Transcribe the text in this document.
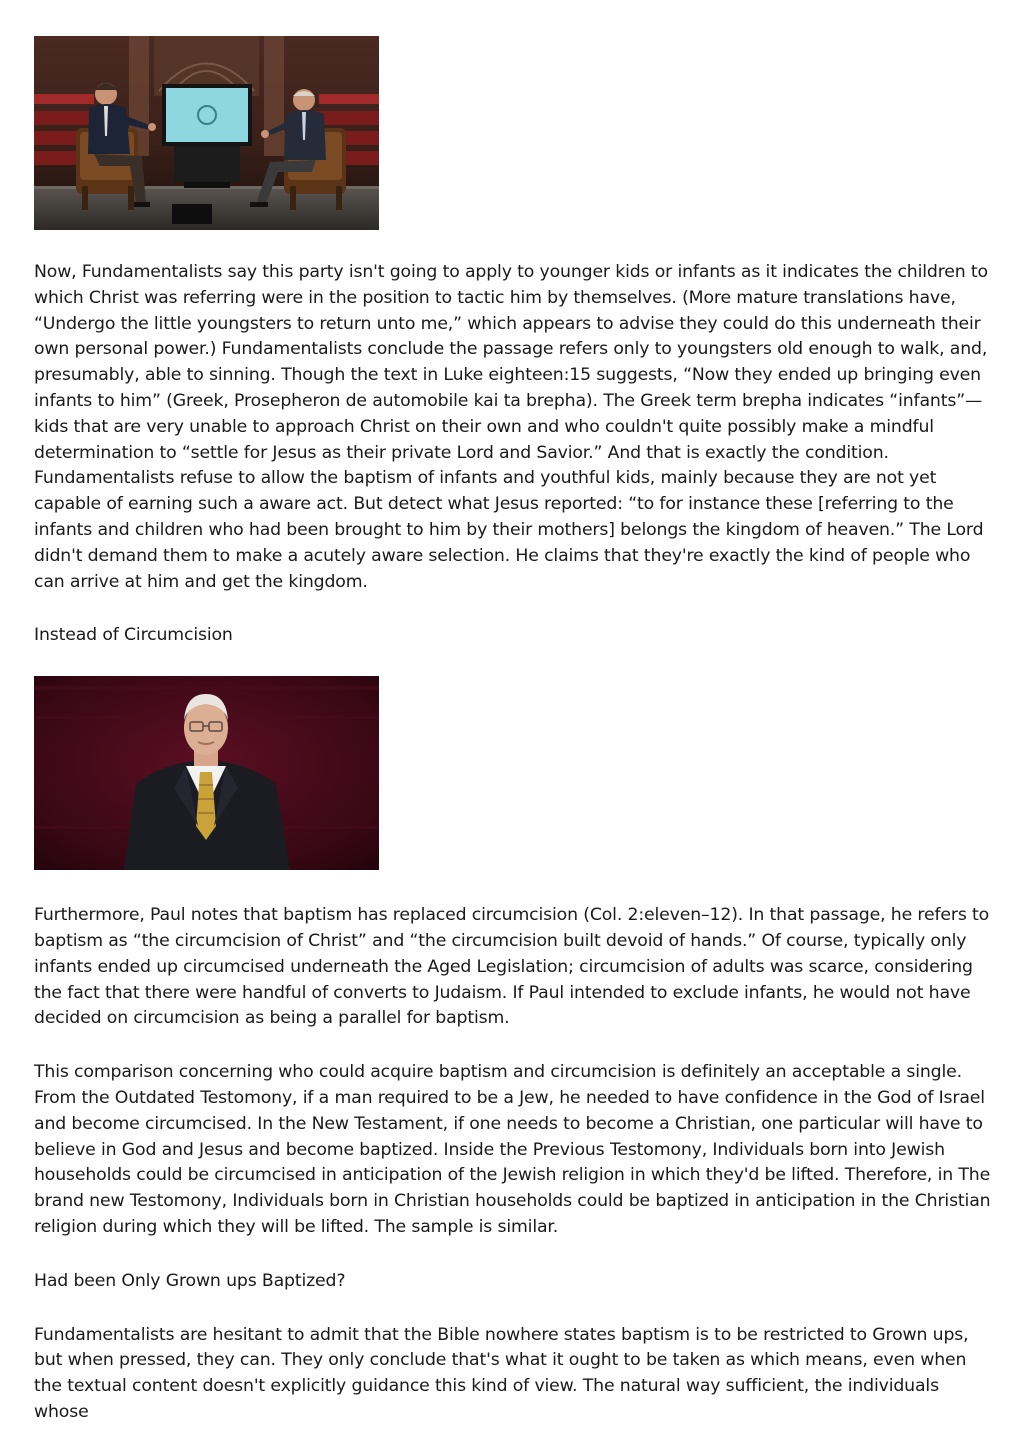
Now, Fundamentalists say this party isn't going to apply to younger kids or infants as it indicates the children to which Christ was referring were in the position to tactic him by themselves. (More mature translations have, “Undergo the little youngsters to return unto me,” which appears to advise they could do this underneath their own personal power.) Fundamentalists conclude the passage refers only to youngsters old enough to walk, and, presumably, able to sinning. Though the text in Luke eighteen:15 suggests, “Now they ended up bringing even infants to him” (Greek, Prosepheron de automobile kai ta brepha). The Greek term brepha indicates “infants”—kids that are very unable to approach Christ on their own and who couldn't quite possibly make a mindful determination to “settle for Jesus as their private Lord and Savior.” And that is exactly the condition. Fundamentalists refuse to allow the baptism of infants and youthful kids, mainly because they are not yet capable of earning such a aware act. But detect what Jesus reported: “to for instance these [referring to the infants and children who had been brought to him by their mothers] belongs the kingdom of heaven.” The Lord didn't demand them to make a acutely aware selection. He claims that they're exactly the kind of people who can arrive at him and get the kingdom.

Instead of Circumcision

Furthermore, Paul notes that baptism has replaced circumcision (Col. 2:eleven–12). In that passage, he refers to baptism as “the circumcision of Christ” and “the circumcision built devoid of hands.” Of course, typically only infants ended up circumcised underneath the Aged Legislation; circumcision of adults was scarce, considering the fact that there were handful of converts to Judaism. If Paul intended to exclude infants, he would not have decided on circumcision as being a parallel for baptism.

This comparison concerning who could acquire baptism and circumcision is definitely an acceptable a single. From the Outdated Testomony, if a man required to be a Jew, he needed to have confidence in the God of Israel and become circumcised. In the New Testament, if one needs to become a Christian, one particular will have to believe in God and Jesus and become baptized. Inside the Previous Testomony, Individuals born into Jewish households could be circumcised in anticipation of the Jewish religion in which they'd be lifted. Therefore, in The brand new Testomony, Individuals born in Christian households could be baptized in anticipation in the Christian religion during which they will be lifted. The sample is similar.

Had been Only Grown ups Baptized?

Fundamentalists are hesitant to admit that the Bible nowhere states baptism is to be restricted to Grown ups, but when pressed, they can. They only conclude that's what it ought to be taken as which means, even when the textual content doesn't explicitly guidance this kind of view. The natural way sufficient, the individuals whose
